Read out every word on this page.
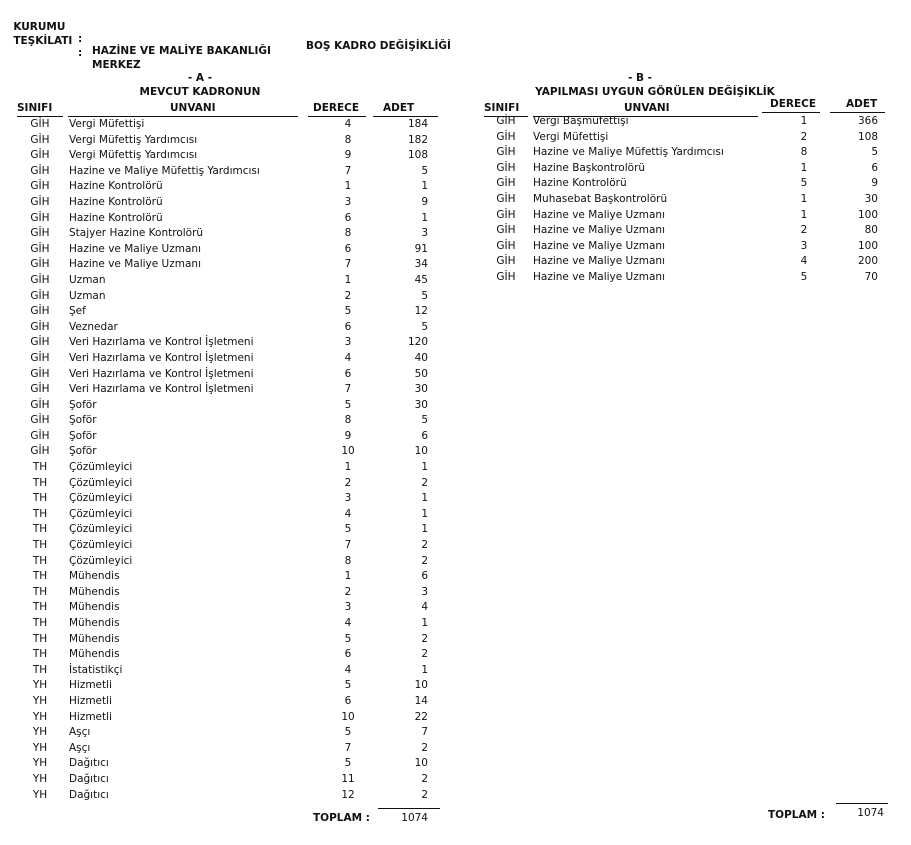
KURUMU

:

HAZİNE VE MALİYE BAKANLIĞI

TEŞKİLATI

:

MERKEZ

BOŞ KADRO DEĞİŞİKLİĞİ
- A -
MEVCUT KADRONUN
SINIFI	UNVANI	DERECE ADET
GİH	Vergi Müfettişi	4	184
GİH	Vergi Müfettiş Yardımcısı	8	182
GİH	Vergi Müfettiş Yardımcısı	9	108
GİH	Hazine ve Maliye Müfettiş Yardımcısı	7	5
GİH	Hazine Kontrolörü	1	1
GİH	Hazine Kontrolörü	3	9
GİH	Hazine Kontrolörü	6	1
GİH	Stajyer Hazine Kontrolörü	8	3
GİH	Hazine ve Maliye Uzmanı	6	91
GİH	Hazine ve Maliye Uzmanı	7	34
GİH	Uzman	1	45
GİH	Uzman	2	5
GİH	Şef	5	12
GİH	Veznedar	6	5
GİH	Veri Hazırlama ve Kontrol İşletmeni	3	120
GİH	Veri Hazırlama ve Kontrol İşletmeni	4	40
GİH	Veri Hazırlama ve Kontrol İşletmeni	6	50
GİH	Veri Hazırlama ve Kontrol İşletmeni	7	30
GİH	Şoför	5	30
GİH	Şoför	8	5
GİH	Şoför	9	6
GİH	Şoför	10	10
TH	Çözümleyici	1	1
TH	Çözümleyici	2	2
TH	Çözümleyici	3	1
TH	Çözümleyici	4	1
TH	Çözümleyici	5	1
TH	Çözümleyici	7	2
TH	Çözümleyici	8	2
TH	Mühendis	1	6
TH	Mühendis	2	3
TH	Mühendis	3	4
TH	Mühendis	4	1
TH	Mühendis	5	2
TH	Mühendis	6	2
TH	İstatistikçi	4	1
YH	Hizmetli	5	10
YH	Hizmetli	6	14
YH	Hizmetli	10	22
YH	Aşçı	5	7
YH	Aşçı	7	2
YH	Dağıtıcı	5	10
YH	Dağıtıcı	11	2
YH	Dağıtıcı	12	2
TOPLAM :	1074
- B -
YAPILMASI UYGUN GÖRÜLEN DEĞİŞİKLİK
SINIFI	UNVANI	DERECE	ADET
GİH	Vergi Başmüfettişi	1	366
GİH	Vergi Müfettişi	2	108
GİH	Hazine ve Maliye Müfettiş Yardımcısı	8	5
GİH	Hazine Başkontrolörü	1	6
GİH	Hazine Kontrolörü	5	9
GİH	Muhasebat Başkontrolörü	1	30
GİH	Hazine ve Maliye Uzmanı	1	100
GİH	Hazine ve Maliye Uzmanı	2	80
GİH	Hazine ve Maliye Uzmanı	3	100
GİH	Hazine ve Maliye Uzmanı	4	200
GİH	Hazine ve Maliye Uzmanı	5	70
TOPLAM :	1074
